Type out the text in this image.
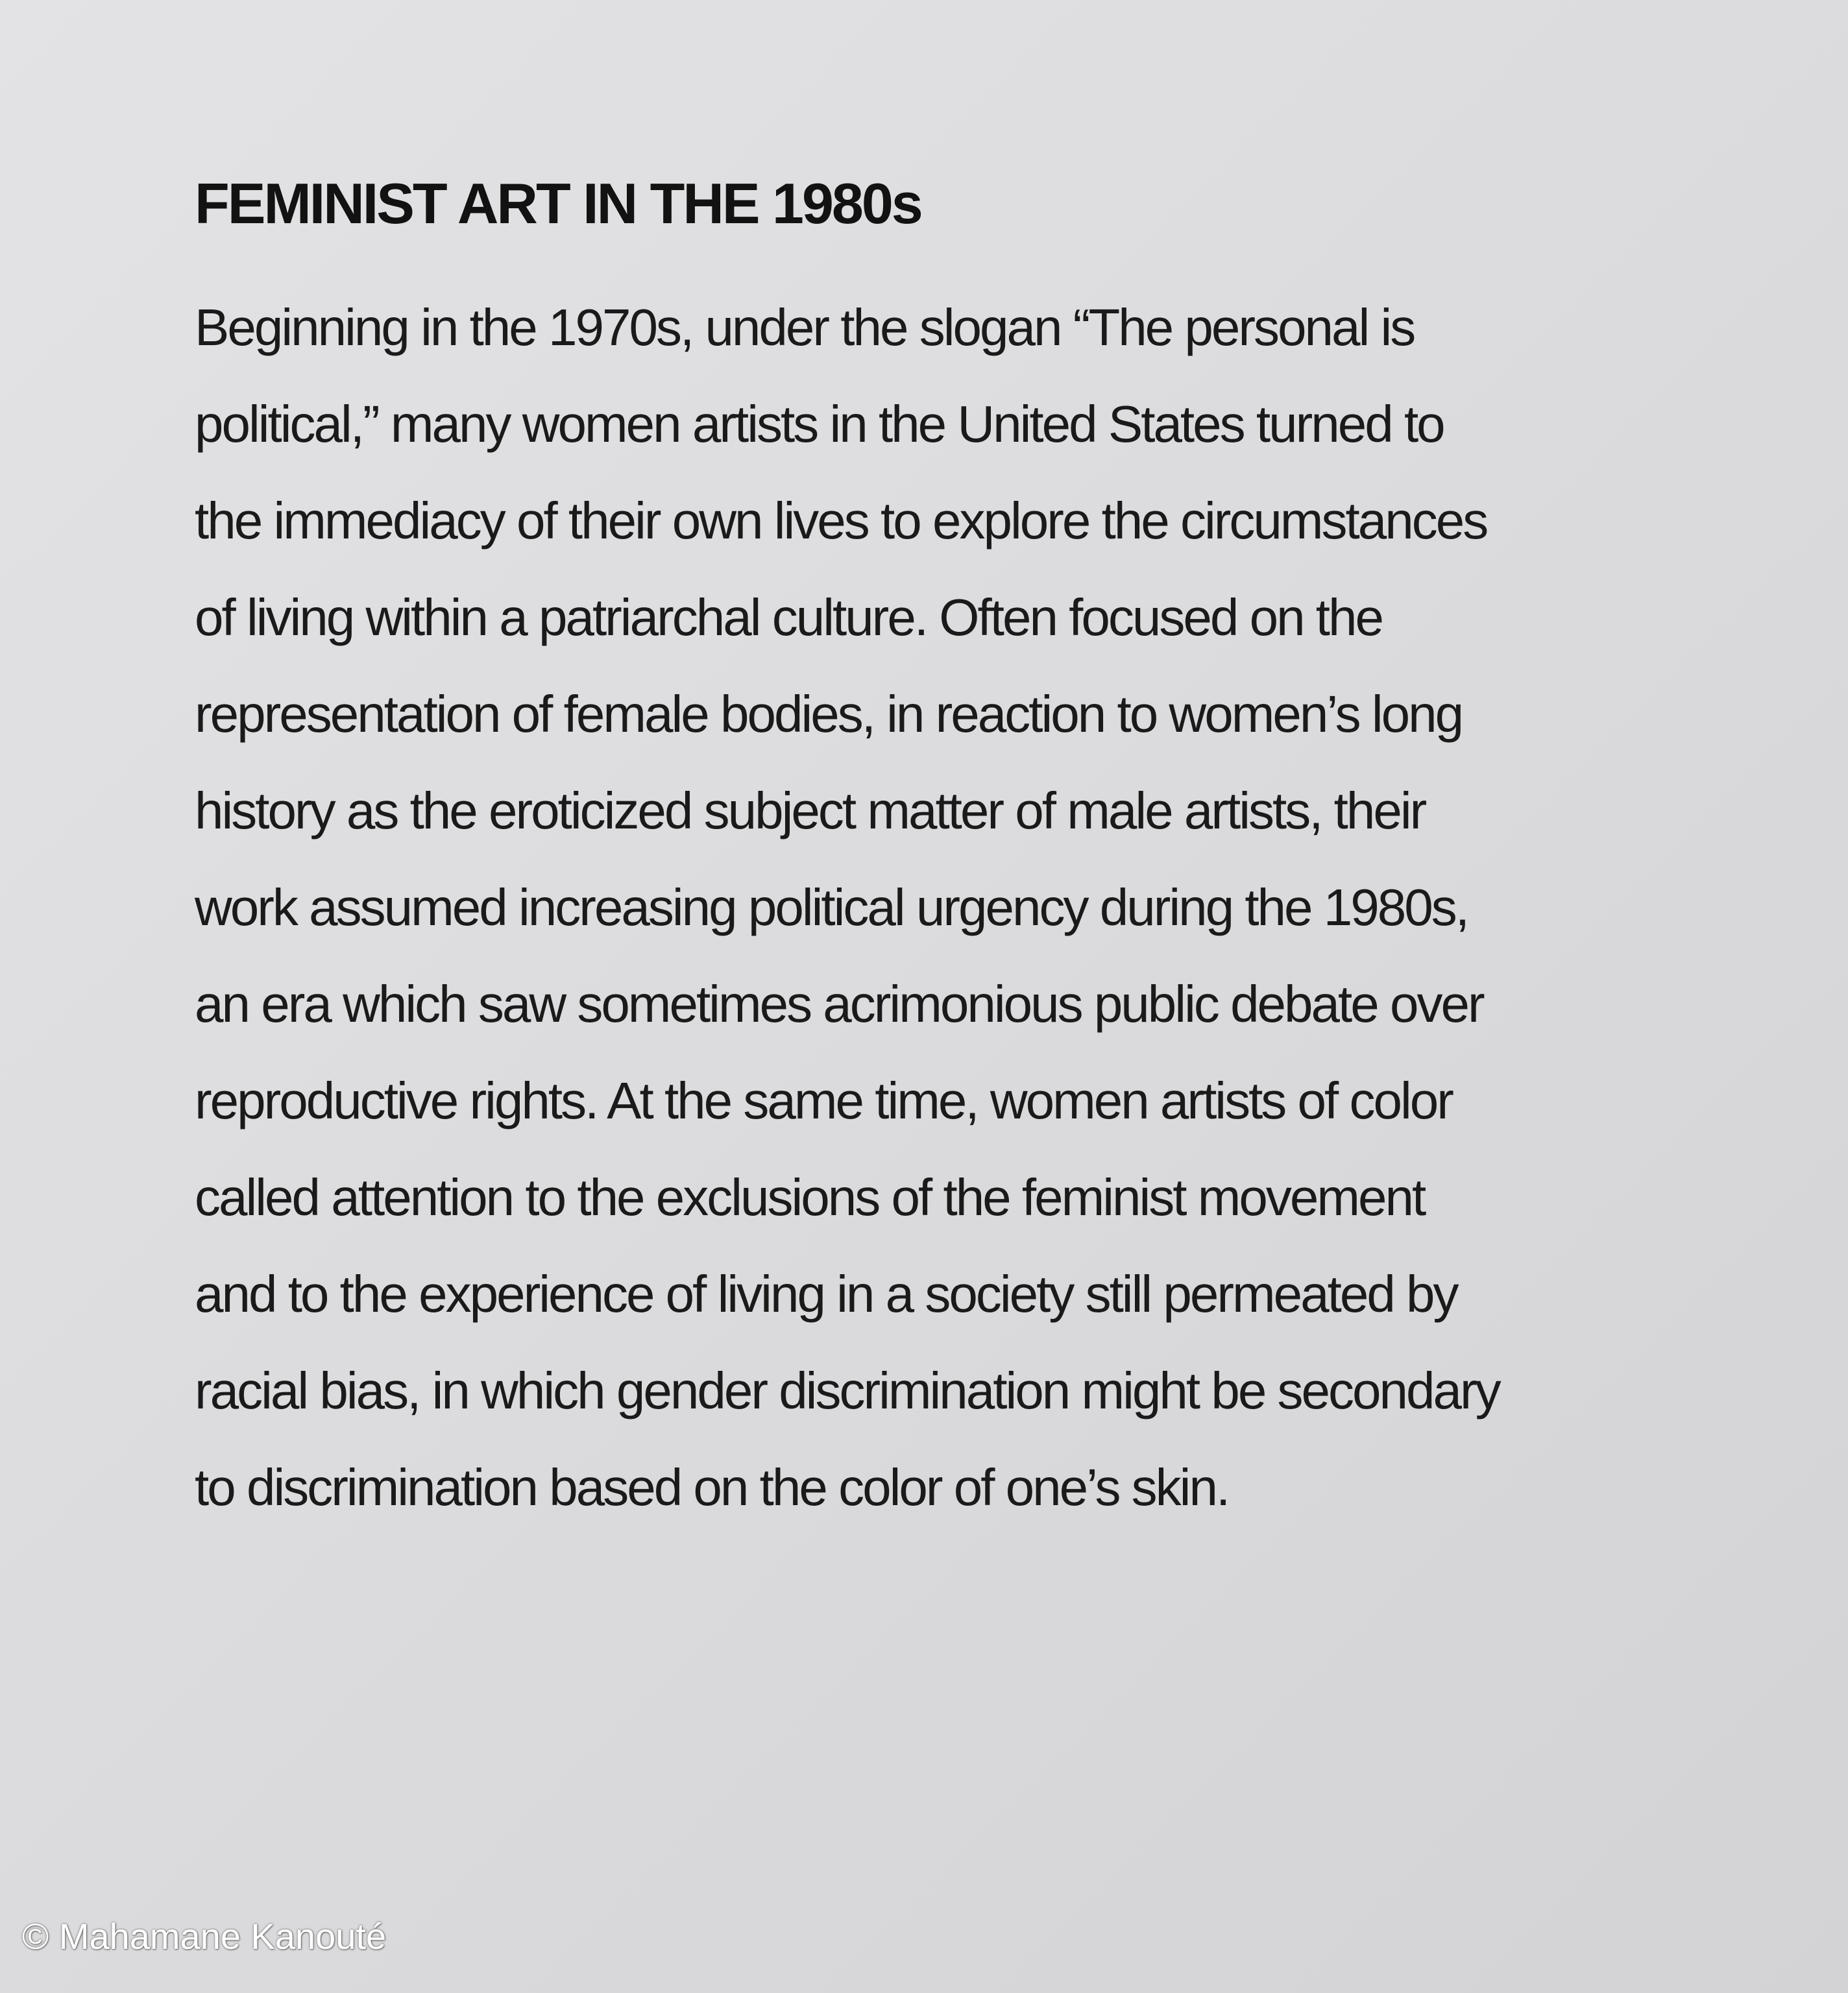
FEMINIST ART IN THE 1980s
Beginning in the 1970s, under the slogan “The personal is
political,” many women artists in the United States turned to
the immediacy of their own lives to explore the circumstances
of living within a patriarchal culture. Often focused on the
representation of female bodies, in reaction to women’s long
history as the eroticized subject matter of male artists, their
work assumed increasing political urgency during the 1980s,
an era which saw sometimes acrimonious public debate over
reproductive rights. At the same time, women artists of color
called attention to the exclusions of the feminist movement
and to the experience of living in a society still permeated by
racial bias, in which gender discrimination might be secondary
to discrimination based on the color of one’s skin.
© Mahamane Kanouté
